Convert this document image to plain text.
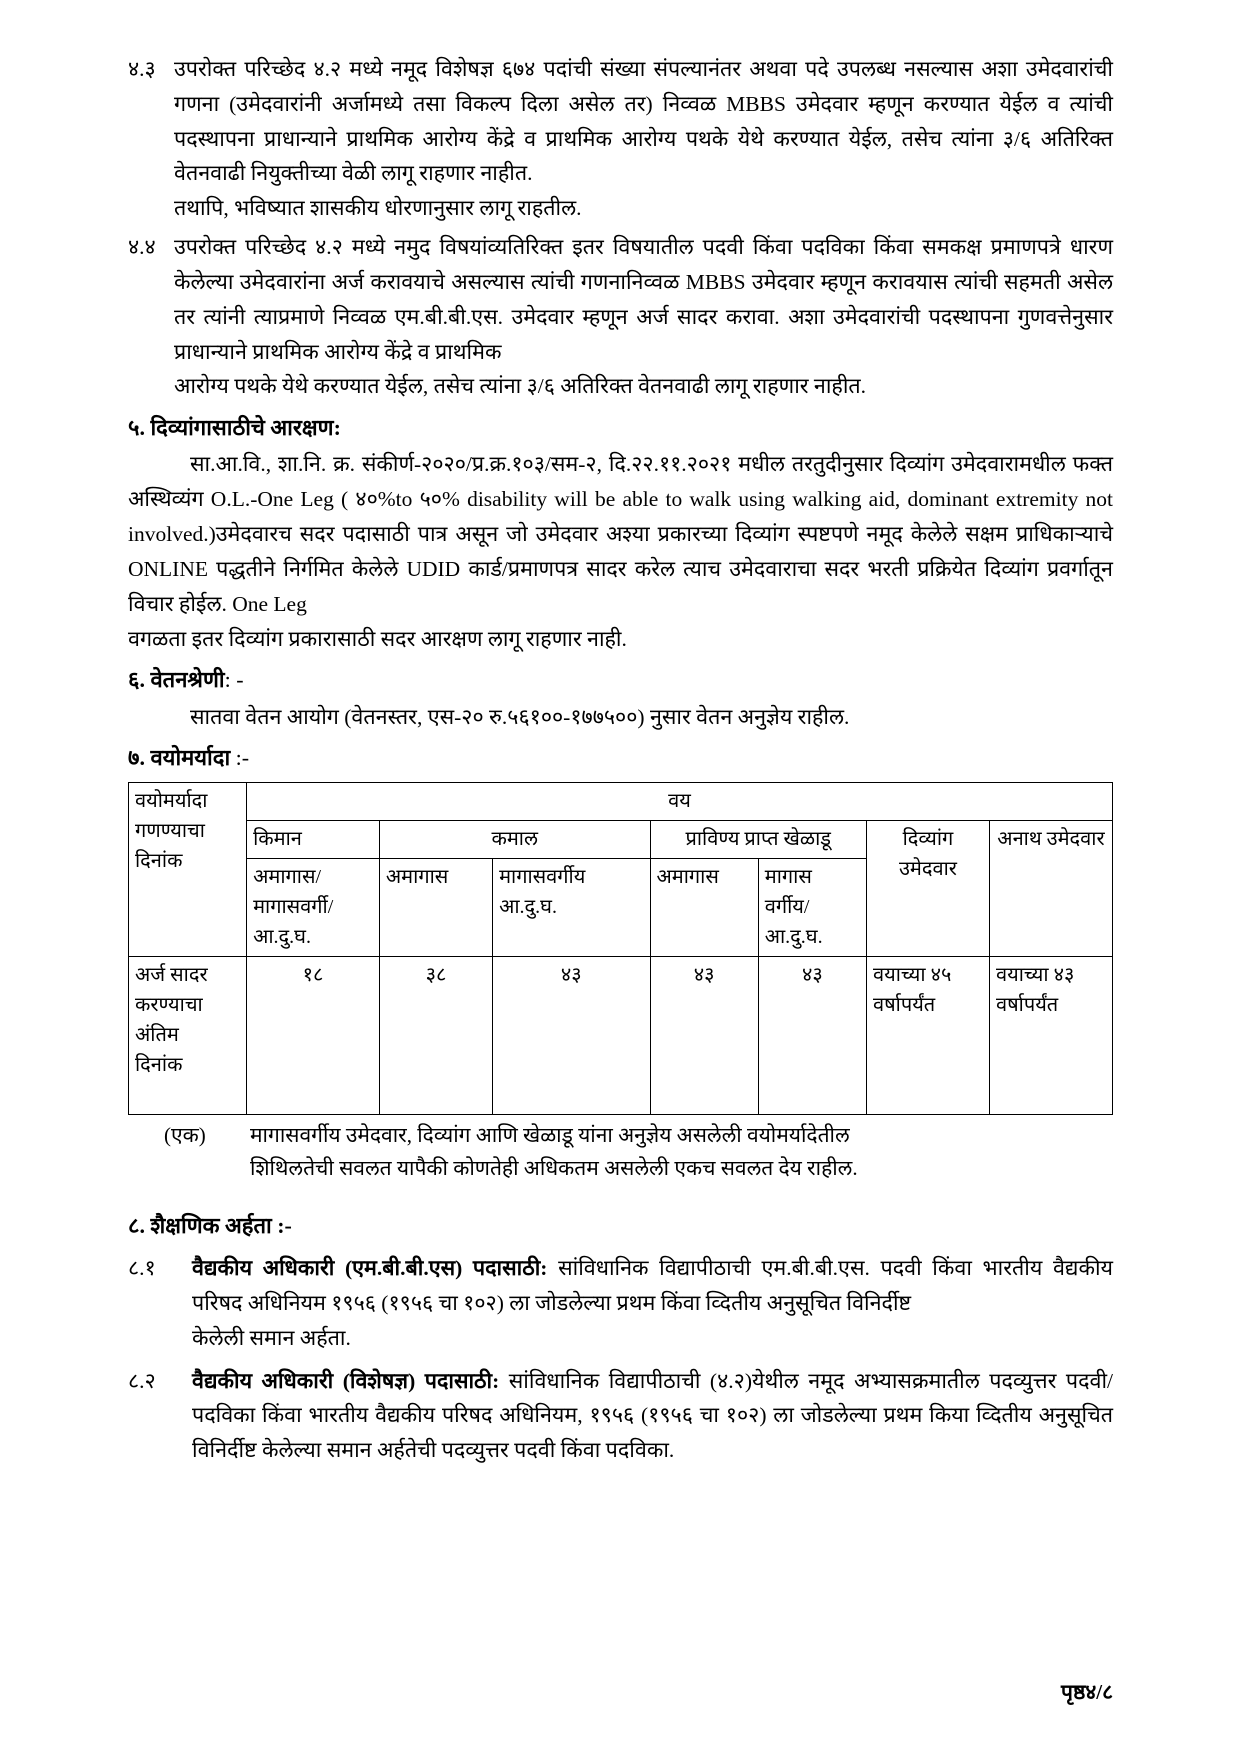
४.३ उपरोक्त परिच्छेद ४.२ मध्ये नमूद विशेषज्ञ ६७४ पदांची संख्या संपल्यानंतर अथवा पदे उपलब्ध नसल्यास अशा उमेदवारांची गणना (उमेदवारांनी अर्जामध्ये तसा विकल्प दिला असेल तर) निव्वळ MBBS उमेदवार म्हणून करण्यात येईल व त्यांची पदस्थापना प्राधान्याने प्राथमिक आरोग्य केंद्रे व प्राथमिक आरोग्य पथके येथे करण्यात येईल, तसेच त्यांना ३/६ अतिरिक्त वेतनवाढी नियुक्तीच्या वेळी लागू राहणार नाहीत.
तथापि, भविष्यात शासकीय धोरणानुसार लागू राहतील.
४.४ उपरोक्त परिच्छेद ४.२ मध्ये नमुद विषयांव्यतिरिक्त इतर विषयातील पदवी किंवा पदविका किंवा समकक्ष प्रमाणपत्रे धारण केलेल्या उमेदवारांना अर्ज करावयाचे असल्यास त्यांची गणनानिव्वळ MBBS उमेदवार म्हणून करावयास त्यांची सहमती असेल तर त्यांनी त्याप्रमाणे निव्वळ एम.बी.बी.एस. उमेदवार म्हणून अर्ज सादर करावा. अशा उमेदवारांची पदस्थापना गुणवत्तेनुसार प्राधान्याने प्राथमिक आरोग्य केंद्रे व प्राथमिक
आरोग्य पथके येथे करण्यात येईल, तसेच त्यांना ३/६ अतिरिक्त वेतनवाढी लागू राहणार नाहीत.
५. दिव्यांगासाठीचे आरक्षण:

सा.आ.वि., शा.नि. क्र. संकीर्ण-२०२०/प्र.क्र.१०३/सम-२, दि.२२.११.२०२१ मधील तरतुदीनुसार दिव्यांग उमेदवारामधील फक्त अस्थिव्यंग O.L.-One Leg ( ४०%to ५०% disability will be able to walk using walking aid, dominant extremity not involved.)उमेदवारच सदर पदासाठी पात्र असून जो उमेदवार अश्या प्रकारच्या दिव्यांग स्पष्टपणे नमूद केलेले सक्षम प्राधिकाऱ्याचे ONLINE पद्धतीने निर्गमित केलेले UDID कार्ड/प्रमाणपत्र सादर करेल त्याच उमेदवाराचा सदर भरती प्रक्रियेत दिव्यांग प्रवर्गातून विचार होईल. One Leg
वगळता इतर दिव्यांग प्रकारासाठी सदर आरक्षण लागू राहणार नाही.

६. वेतनश्रेणी: -

सातवा वेतन आयोग (वेतनस्तर, एस-२० रु.५६१००-१७७५००) नुसार वेतन अनुज्ञेय राहील.

७. वयोमर्यादा :-
वयोमर्यादा गणण्याचा दिनांक	वय						
	किमान	कमाल		प्राविण्य प्राप्त खेळाडू		दिव्यांग उमेदवार	अनाथ उमेदवार
	अमागास/ मागासवर्गी/ आ.दु.घ.	अमागास	मागासवर्गीय आ.दु.घ.	अमागास	मागास वर्गीय/ आ.दु.घ.		

अर्ज सादर
करण्याचा
अंतिम
दिनांक	१८	३८	४३	४३	४३	वयाच्या ४५ वर्षापर्यंत	वयाच्या ४३ वर्षापर्यंत
(एक)	मागासवर्गीय उमेदवार, दिव्यांग आणि खेळाडू यांना अनुज्ञेय असलेली वयोमर्यादेतील
शिथिलतेची सवलत यापैकी कोणतेही अधिकतम असलेली एकच सवलत देय राहील.
८. शैक्षणिक अर्हता :-
८.१	वैद्यकीय अधिकारी (एम.बी.बी.एस) पदासाठी: सांविधानिक विद्यापीठाची एम.बी.बी.एस. पदवी किंवा भारतीय वैद्यकीय परिषद अधिनियम १९५६ (१९५६ चा १०२) ला जोडलेल्या प्रथम किंवा व्दितीय अनुसूचित विनिर्दीष्ट
केलेली समान अर्हता.
८.२	वैद्यकीय अधिकारी (विशेषज्ञ) पदासाठी: सांविधानिक विद्यापीठाची (४.२)येथील नमूद अभ्यासक्रमातील पदव्युत्तर पदवी/पदविका किंवा भारतीय वैद्यकीय परिषद अधिनियम, १९५६ (१९५६ चा १०२) ला जोडलेल्या प्रथम किया व्दितीय अनुसूचित विनिर्दीष्ट केलेल्या समान अर्हतेची पदव्युत्तर पदवी किंवा पदविका.
पृष्ठ४/८
